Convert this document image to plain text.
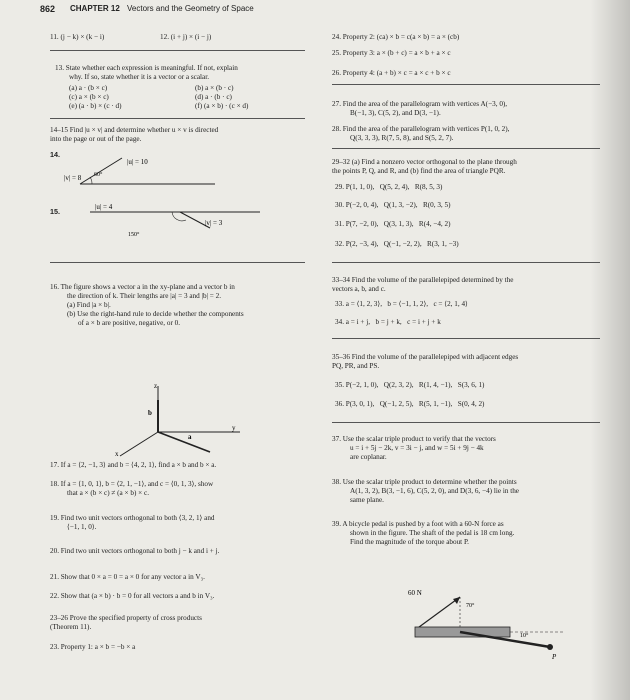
862 CHAPTER 12 Vectors and the Geometry of Space
11. (j − k) × (k − i)	12. (i + j) × (i − j)
13. State whether each expression is meaningful. If not, explain
why. If so, state whether it is a vector or a scalar.
(a) a · (b × c)	(b) a × (b · c)
(c) a × (b × c)	(d) a · (b · c)
(e) (a · b) × (c · d)	(f) (a × b) · (c × d)
14–15 Find |u × v| and determine whether u × v is directed
into the page or out of the page.
14.
|v| = 8
|u| = 10
60°
15.	|u| = 4
|v| = 3
150°
16. The figure shows a vector a in the xy-plane and a vector b in
the direction of k. Their lengths are |a| = 3 and |b| = 2.
(a) Find |a × b|.
(b) Use the right-hand rule to decide whether the components
of a × b are positive, negative, or 0.
z
y
x
b
a
17. If a = ⟨2, −1, 3⟩ and b = ⟨4, 2, 1⟩, find a × b and b × a.
18. If a = ⟨1, 0, 1⟩, b = ⟨2, 1, −1⟩, and c = ⟨0, 1, 3⟩, show
that a × (b × c) ≠ (a × b) × c.
19. Find two unit vectors orthogonal to both ⟨3, 2, 1⟩ and
⟨−1, 1, 0⟩.
20. Find two unit vectors orthogonal to both j − k and i + j.
21. Show that 0 × a = 0 = a × 0 for any vector a in V₃.
22. Show that (a × b) · b = 0 for all vectors a and b in V₃.
23–26 Prove the specified property of cross products
(Theorem 11).
23. Property 1: a × b = −b × a
24. Property 2: (ca) × b = c(a × b) = a × (cb)
25. Property 3: a × (b + c) = a × b + a × c
26. Property 4: (a + b) × c = a × c + b × c
27. Find the area of the parallelogram with vertices A(−3, 0),
B(−1, 3), C(5, 2), and D(3, −1).
28. Find the area of the parallelogram with vertices P(1, 0, 2),
Q(3, 3, 3), R(7, 5, 8), and S(5, 2, 7).
29–32 (a) Find a nonzero vector orthogonal to the plane through
the points P, Q, and R, and (b) find the area of triangle PQR.
29. P(1, 1, 0),   Q(5, 2, 4),   R(8, 5, 3)
30. P(−2, 0, 4),   Q(1, 3, −2),   R(0, 3, 5)
31. P(7, −2, 0),   Q(3, 1, 3),   R(4, −4, 2)
32. P(2, −3, 4),   Q(−1, −2, 2),   R(3, 1, −3)
33–34 Find the volume of the parallelepiped determined by the
vectors a, b, and c.
33. a = ⟨1, 2, 3⟩,   b = ⟨−1, 1, 2⟩,   c = ⟨2, 1, 4⟩
34. a = i + j,   b = j + k,   c = i + j + k
35–36 Find the volume of the parallelepiped with adjacent edges
PQ, PR, and PS.
35. P(−2, 1, 0),   Q(2, 3, 2),   R(1, 4, −1),   S(3, 6, 1)
36. P(3, 0, 1),   Q(−1, 2, 5),   R(5, 1, −1),   S(0, 4, 2)
37. Use the scalar triple product to verify that the vectors
u = i + 5j − 2k, v = 3i − j, and w = 5i + 9j − 4k
are coplanar.
38. Use the scalar triple product to determine whether the points
A(1, 3, 2), B(3, −1, 6), C(5, 2, 0), and D(3, 6, −4) lie in the
same plane.
39. A bicycle pedal is pushed by a foot with a 60-N force as
shown in the figure. The shaft of the pedal is 18 cm long.
Find the magnitude of the torque about P.
60 N
70°
10°
P
